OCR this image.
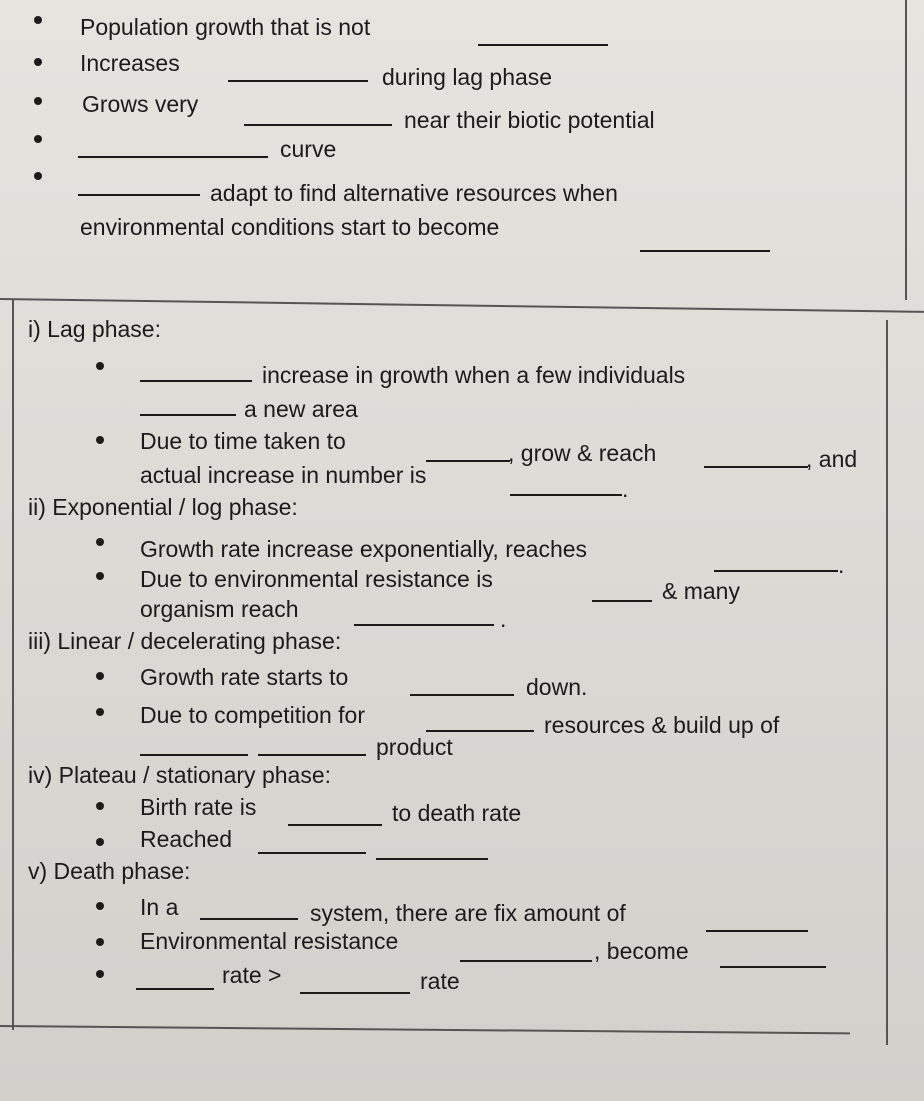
Population growth that is not
Increases
during lag phase
Grows very
near their biotic potential
curve
adapt to find alternative resources when
environmental conditions start to become
i) Lag phase:
increase in growth when a few individuals
a new area
Due to time taken to	, grow & reach	, and
actual increase in number is
.
ii) Exponential / log phase:
Growth rate increase exponentially, reaches
.
Due to environmental resistance is	& many
organism reach	.
iii) Linear / decelerating phase:
Growth rate starts to	down.
Due to competition for	resources & build up of
product
iv) Plateau / stationary phase:
Birth rate is	to death rate
Reached
v) Death phase:
In a	system, there are fix amount of
Environmental resistance	, become
rate >	rate
